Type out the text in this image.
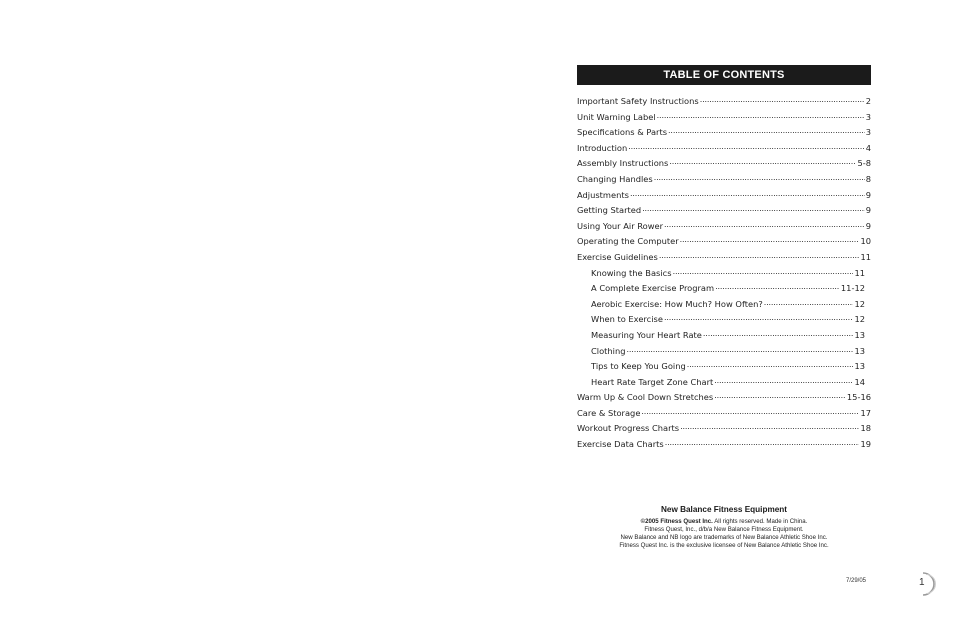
TABLE OF CONTENTS
Important Safety Instructions . . .	2
Unit Warning Label . . .	3
Specifications & Parts . . .	3
Introduction . . .	4
Assembly Instructions . . .	5-8
Changing Handles . . .	8
Adjustments . . .	9
Getting Started . . .	9
Using Your Air Rower . . .	9
Operating the Computer . . .	10
Exercise Guidelines . . .	11
Knowing the Basics . . .	11
A Complete Exercise Program . . .	11-12
Aerobic Exercise: How Much? How Often? . . .	12
When to Exercise . . .	12
Measuring Your Heart Rate . . .	13
Clothing . . .	13
Tips to Keep You Going . . .	13
Heart Rate Target Zone Chart . . .	14
Warm Up & Cool Down Stretches . . .	15-16
Care & Storage . . .	17
Workout Progress Charts . . .	18
Exercise Data Charts . . .	19
New Balance Fitness Equipment
©2005 Fitness Quest Inc. All rights reserved. Made in China.
Fitness Quest, Inc., d/b/a New Balance Fitness Equipment.
New Balance and NB logo are trademarks of New Balance Athletic Shoe Inc.
Fitness Quest Inc. is the exclusive licensee of New Balance Athletic Shoe Inc.
7/29/05	1
